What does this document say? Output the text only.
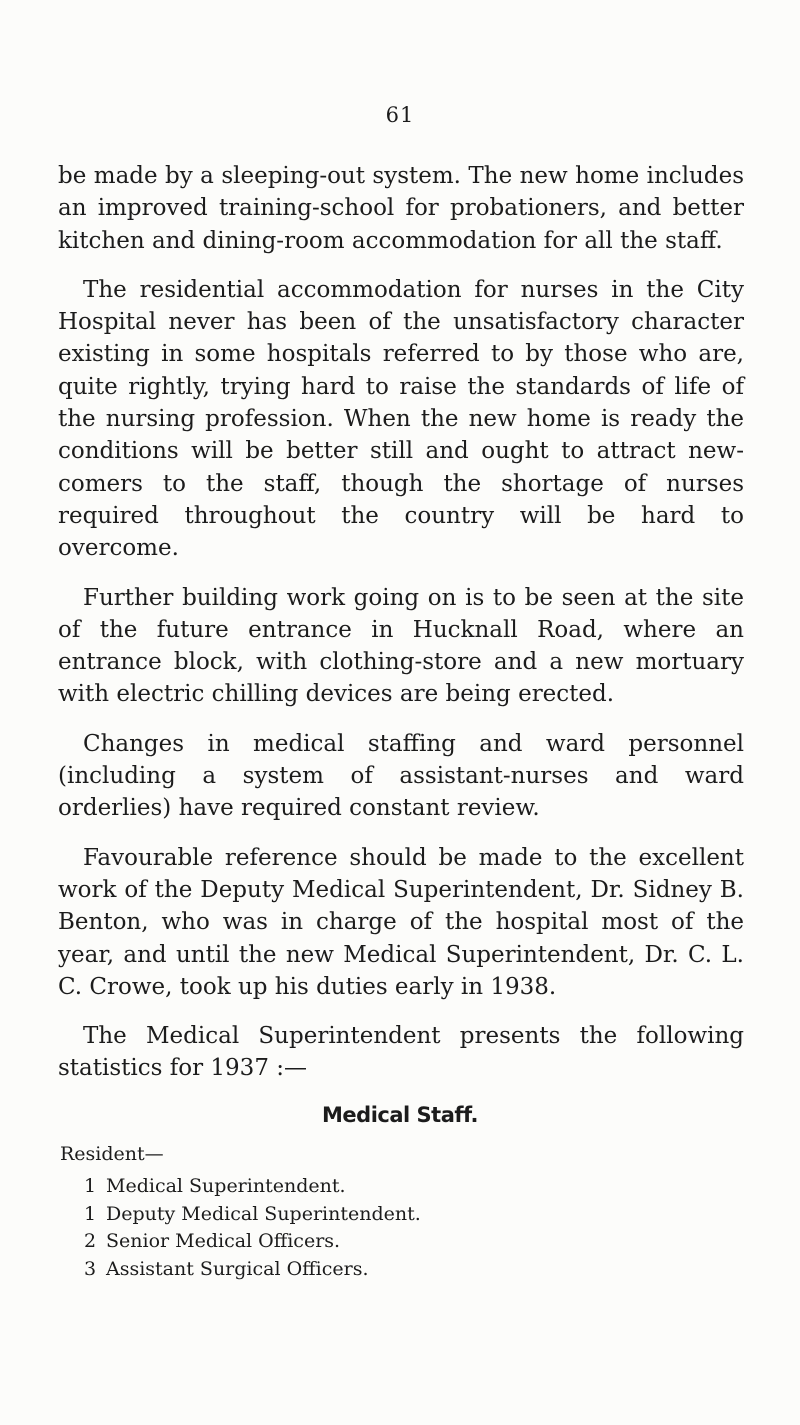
61

be made by a sleeping-out system. The new home includes an improved training-school for probationers, and better kitchen and dining-room accommodation for all the staff.

The residential accommodation for nurses in the City Hospital never has been of the unsatisfactory character existing in some hospitals referred to by those who are, quite rightly, trying hard to raise the standards of life of the nursing profession. When the new home is ready the conditions will be better still and ought to attract new-comers to the staff, though the shortage of nurses required throughout the country will be hard to overcome.

Further building work going on is to be seen at the site of the future entrance in Hucknall Road, where an entrance block, with clothing-store and a new mortuary with electric chilling devices are being erected.

Changes in medical staffing and ward personnel (including a system of assistant-nurses and ward orderlies) have required constant review.

Favourable reference should be made to the excellent work of the Deputy Medical Superintendent, Dr. Sidney B. Benton, who was in charge of the hospital most of the year, and until the new Medical Superintendent, Dr. C. L. C. Crowe, took up his duties early in 1938.

The Medical Superintendent presents the following statistics for 1937 :—

Medical Staff.
Resident—
1 Medical Superintendent.
1 Deputy Medical Superintendent.
2 Senior Medical Officers.
3 Assistant Surgical Officers.
